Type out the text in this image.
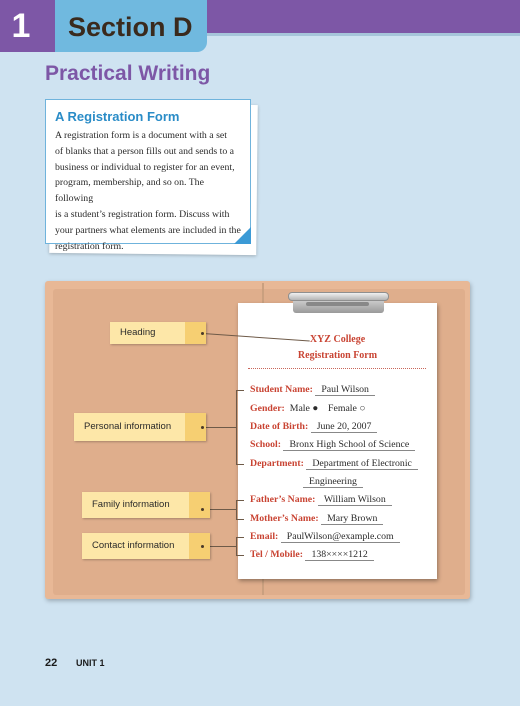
1	Section D
Practical Writing
A Registration Form
A registration form is a document with a set
of blanks that a person fills out and sends to a
business or individual to register for an event,
program, membership, and so on. The following
is a student’s registration form. Discuss with
your partners what elements are included in the
registration form.
XYZ College
Registration Form
Student Name: Paul Wilson
Gender: Male ● Female ○
Date of Birth: June 20, 2007
School: Bronx High School of Science
Department: Department of Electronic
Engineering
Father’s Name: William Wilson
Mother’s Name: Mary Brown
Email: PaulWilson@example.com
Tel / Mobile: 138××××1212
Heading
Personal information
Family information
Contact information
22 UNIT 1
